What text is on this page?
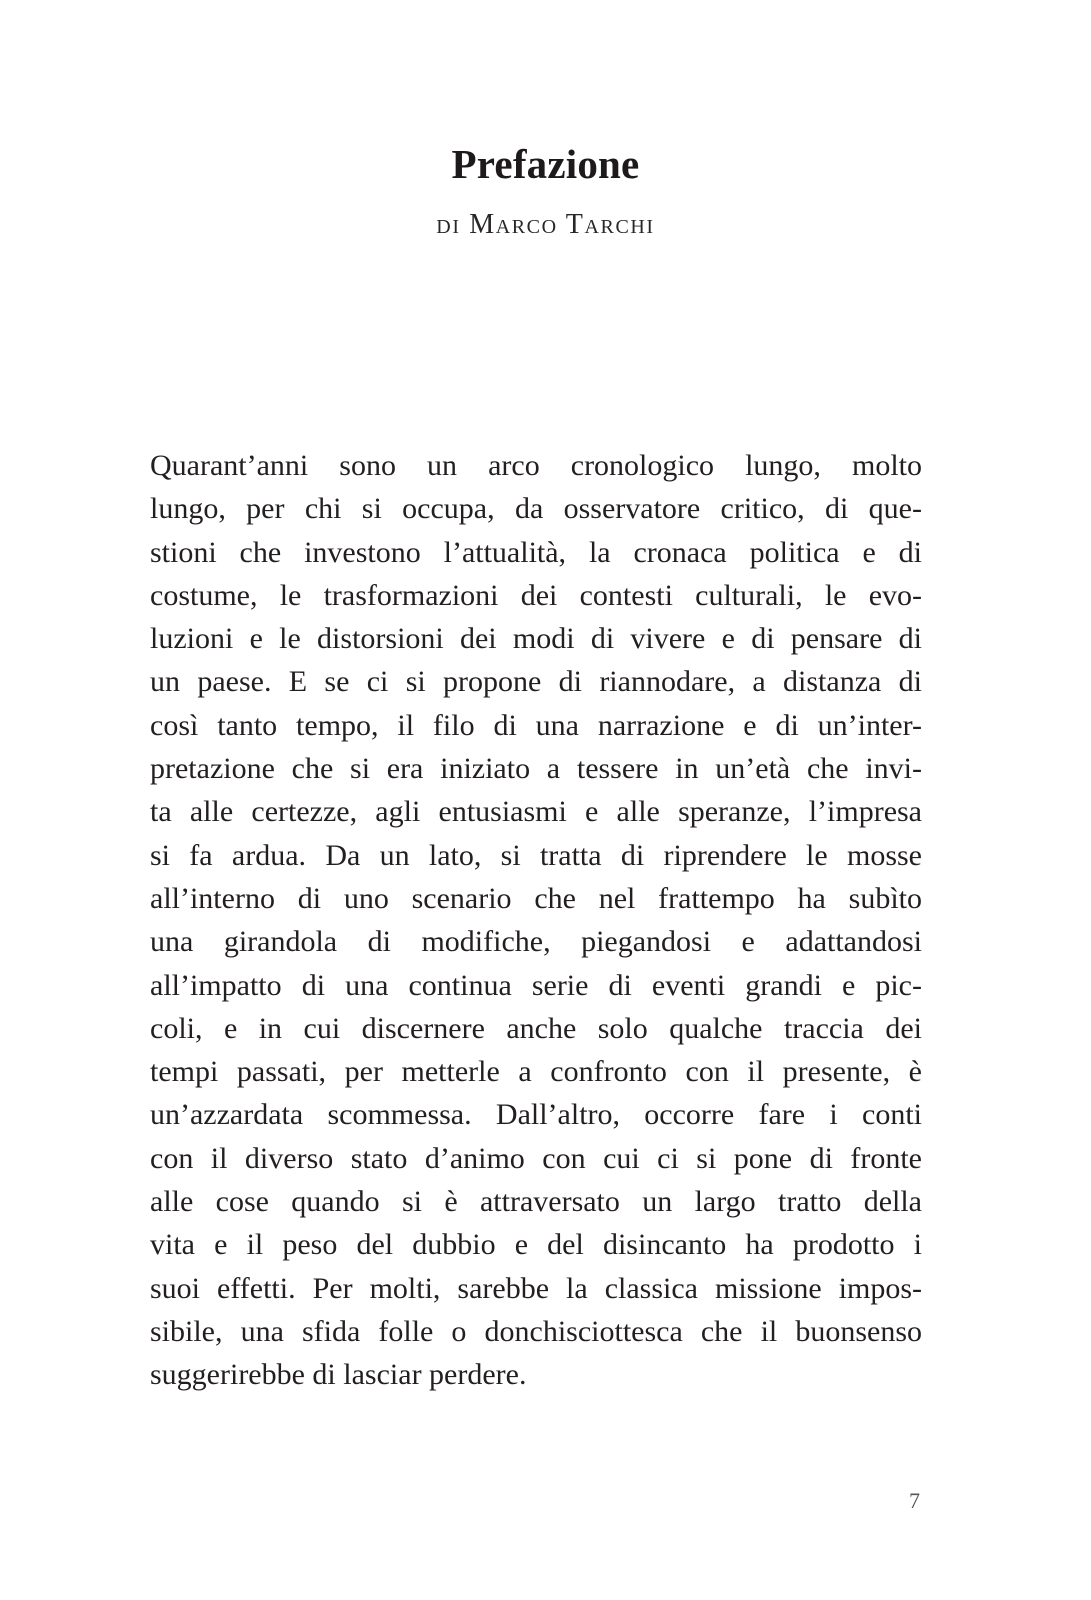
Prefazione
di Marco Tarchi
Quarant’anni sono un arco cronologico lungo, molto
lungo, per chi si occupa, da osservatore critico, di que-
stioni che investono l’attualità, la cronaca politica e di
costume, le trasformazioni dei contesti culturali, le evo-
luzioni e le distorsioni dei modi di vivere e di pensare di
un paese. E se ci si propone di riannodare, a distanza di
così tanto tempo, il filo di una narrazione e di un’inter-
pretazione che si era iniziato a tessere in un’età che invi-
ta alle certezze, agli entusiasmi e alle speranze, l’impresa
si fa ardua. Da un lato, si tratta di riprendere le mosse
all’interno di uno scenario che nel frattempo ha subìto
una girandola di modifiche, piegandosi e adattandosi
all’impatto di una continua serie di eventi grandi e pic-
coli, e in cui discernere anche solo qualche traccia dei
tempi passati, per metterle a confronto con il presente, è
un’azzardata scommessa. Dall’altro, occorre fare i conti
con il diverso stato d’animo con cui ci si pone di fronte
alle cose quando si è attraversato un largo tratto della
vita e il peso del dubbio e del disincanto ha prodotto i
suoi effetti. Per molti, sarebbe la classica missione impos-
sibile, una sfida folle o donchisciottesca che il buonsenso
suggerirebbe di lasciar perdere.
7
